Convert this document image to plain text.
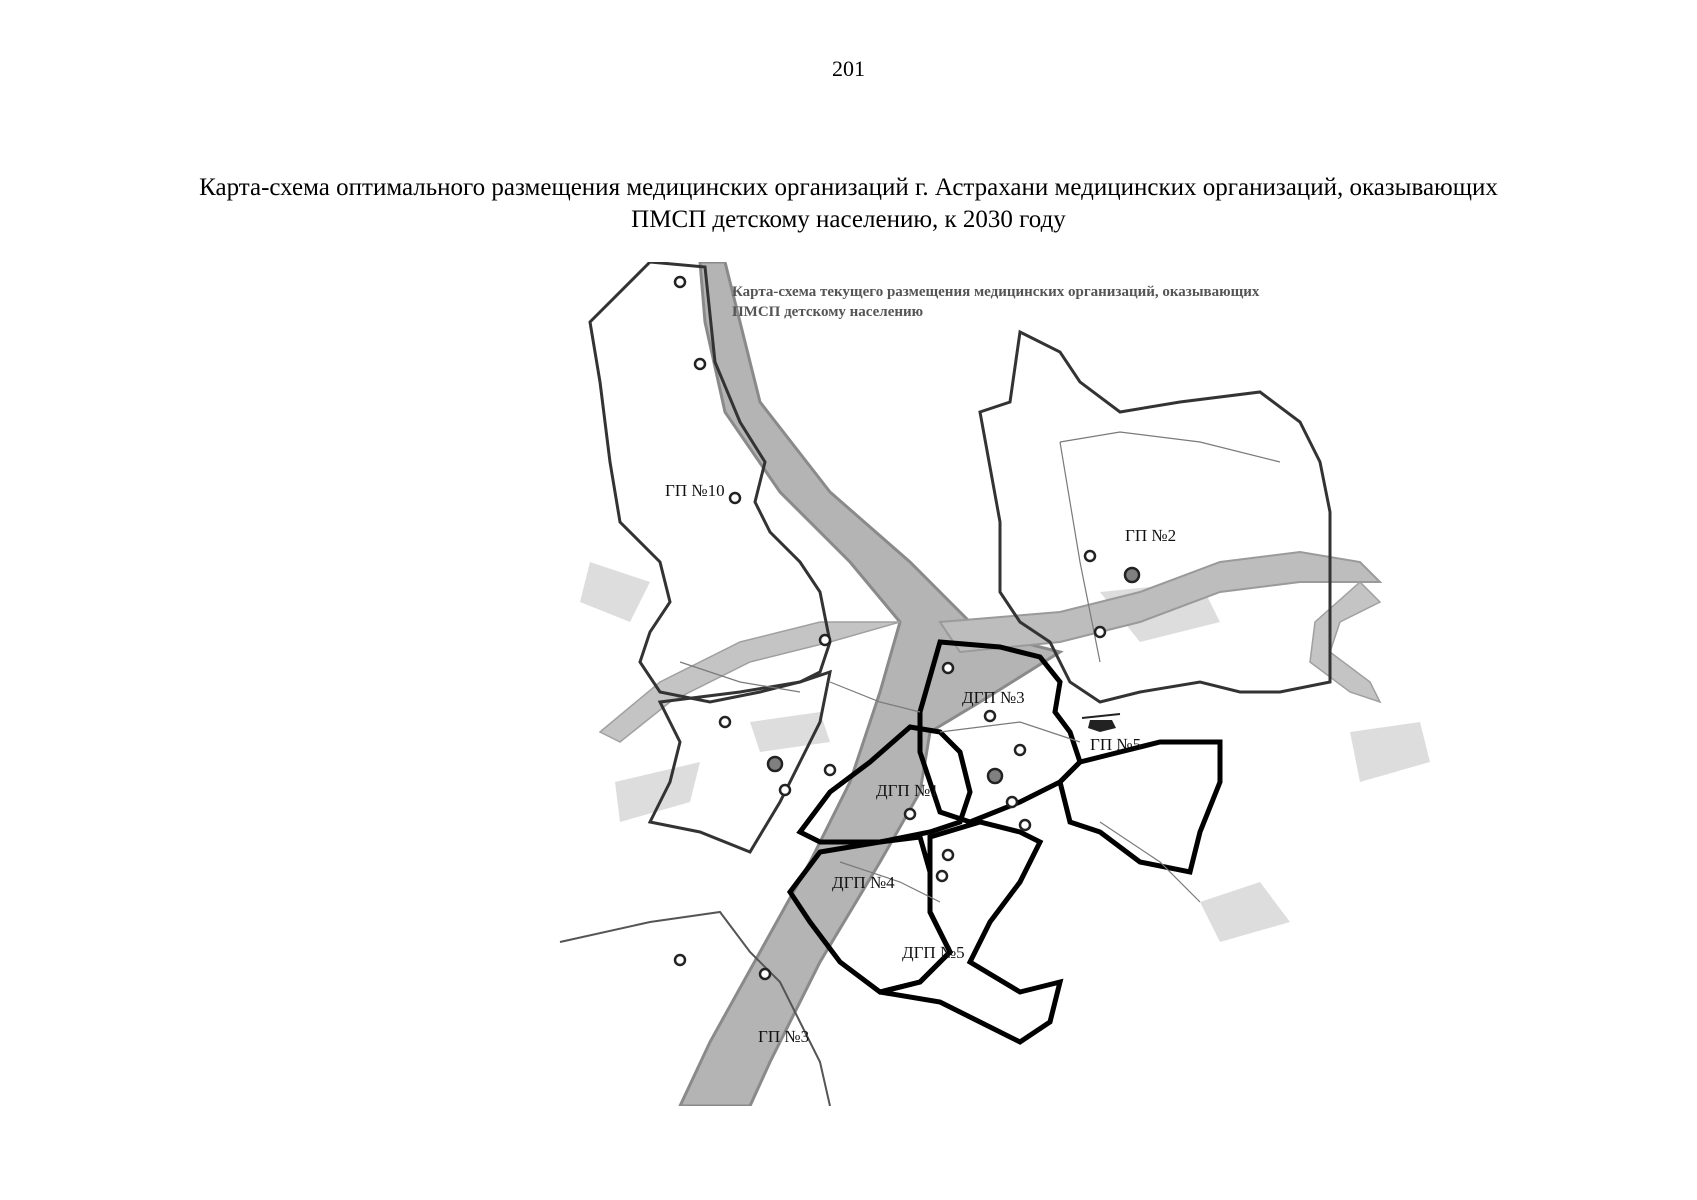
201
Карта-схема оптимального размещения медицинских организаций г. Астрахани медицинских организаций, оказывающих
ПМСП детскому населению, к 2030 году
ГП №10
ГП №2
ДГП №3
ГП №5
ДГП №1
ДГП №4
ДГП №5
ГП №3
Карта-схема текущего размещения медицинских организаций, оказывающих
ПМСП детскому населению
